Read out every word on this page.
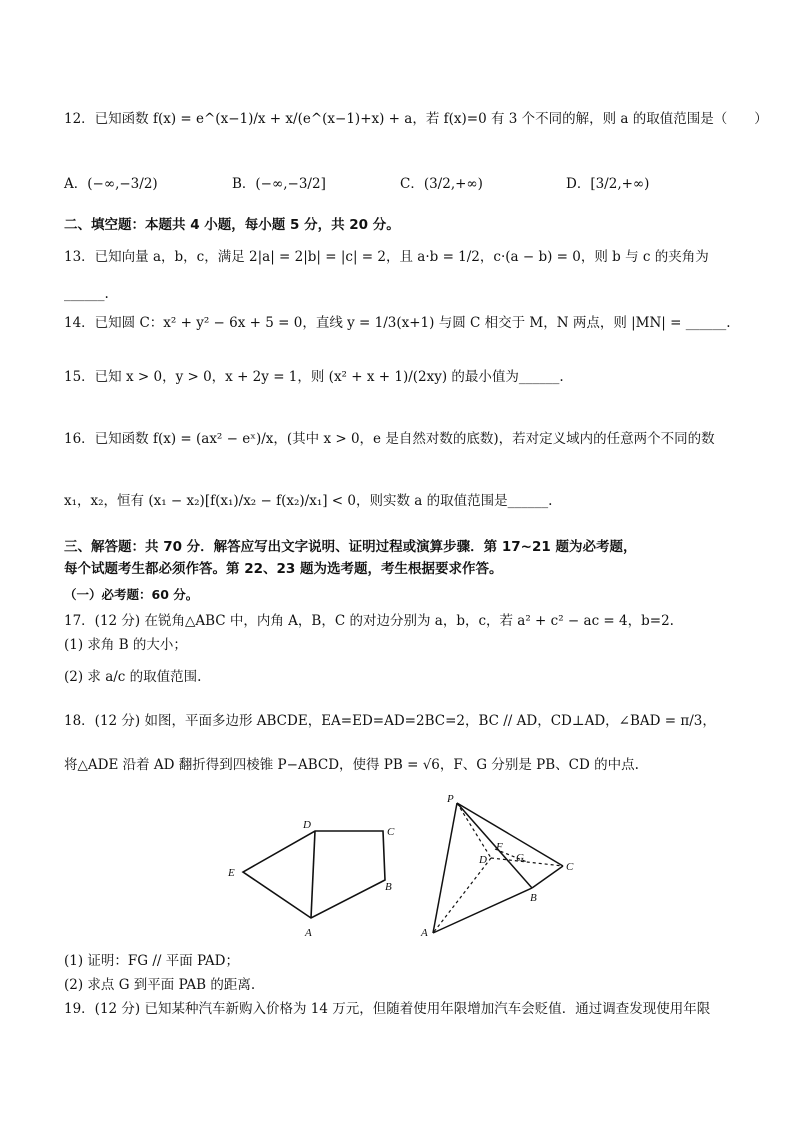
12．已知函数 f(x) = e^(x−1)/x + x/(e^(x−1)+x) + a，若 f(x)=0 有 3 个不同的解，则 a 的取值范围是（　　）
A．(−∞,−3/2)	B．(−∞,−3/2]	C．(3/2,+∞)	D．[3/2,+∞)
二、填空题：本题共 4 小题，每小题 5 分，共 20 分。
13．已知向量 a，b，c，满足 2|a| = 2|b| = |c| = 2，且 a·b = 1/2，c·(a − b) = 0，则 b 与 c 的夹角为
______.
14．已知圆 C：x² + y² − 6x + 5 = 0，直线 y = 1/3(x+1) 与圆 C 相交于 M，N 两点，则 |MN| = ______.
15．已知 x > 0，y > 0，x + 2y = 1，则 (x² + x + 1)/(2xy) 的最小值为______.
16．已知函数 f(x) = (ax² − eˣ)/x，(其中 x > 0，e 是自然对数的底数)，若对定义域内的任意两个不同的数
x₁，x₂，恒有 (x₁ − x₂)[f(x₁)/x₂ − f(x₂)/x₁] < 0，则实数 a 的取值范围是______.
三、解答题：共 70 分．解答应写出文字说明、证明过程或演算步骤．第 17~21 题为必考题，
每个试题考生都必须作答。第 22、23 题为选考题，考生根据要求作答。
（一）必考题：60 分。
17．(12 分) 在锐角△ABC 中，内角 A，B，C 的对边分别为 a，b，c，若 a² + c² − ac = 4，b=2.
(1) 求角 B 的大小；
(2) 求 a/c 的取值范围.
18．(12 分) 如图，平面多边形 ABCDE，EA=ED=AD=2BC=2，BC // AD，CD⊥AD，∠BAD = π/3，
将△ADE 沿着 AD 翻折得到四棱锥 P−ABCD，使得 PB = √6，F、G 分别是 PB、CD 的中点.
D
C
E
B
A
P
F
G
D
C
B
A
(1) 证明：FG // 平面 PAD；
(2) 求点 G 到平面 PAB 的距离.
19．(12 分) 已知某种汽车新购入价格为 14 万元，但随着使用年限增加汽车会贬值．通过调查发现使用年限
